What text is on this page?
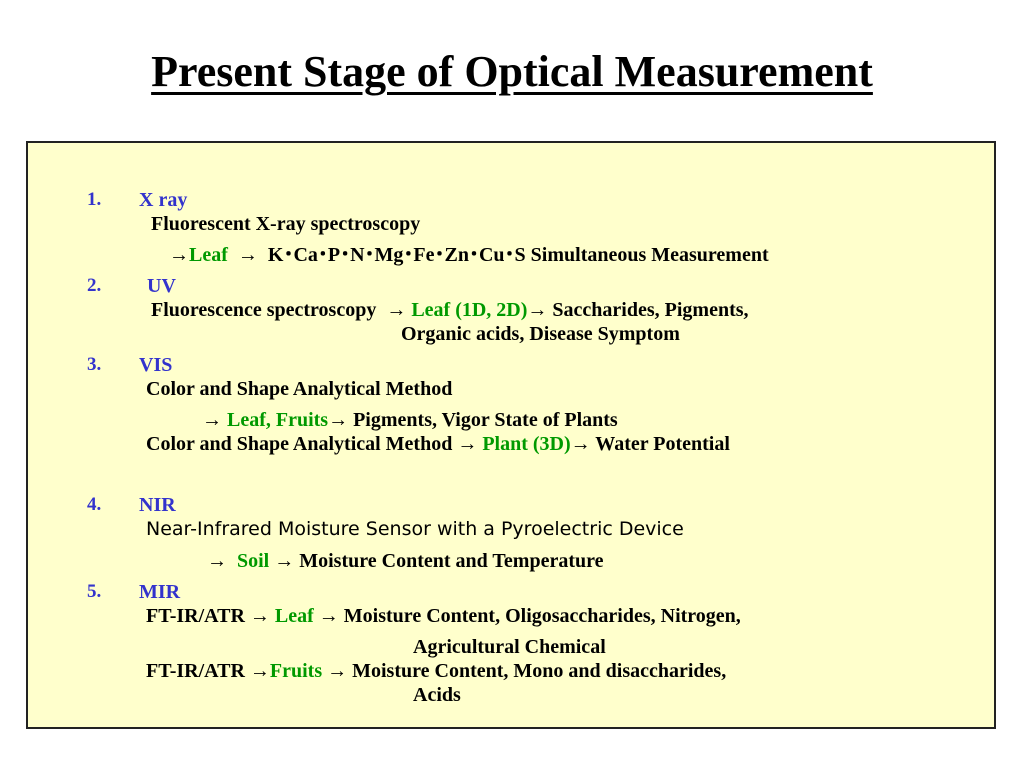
Present Stage of Optical Measurement
1. X ray
Fluorescent X-ray spectroscopy
→Leaf  →  K･Ca･P･N･Mg･Fe･Zn･Cu･S Simultaneous Measurement
2. UV
Fluorescence spectroscopy  → Leaf (1D, 2D)→ Saccharides, Pigments,
Organic acids, Disease Symptom
3. VIS
Color and Shape Analytical Method
→ Leaf, Fruits→ Pigments, Vigor State of Plants
Color and Shape Analytical Method → Plant (3D)→ Water Potential
4. NIR
Near-Infrared Moisture Sensor with a Pyroelectric Device
→  Soil → Moisture Content and Temperature
5. MIR
FT-IR/ATR → Leaf → Moisture Content, Oligosaccharides, Nitrogen,
Agricultural Chemical
FT-IR/ATR →Fruits → Moisture Content, Mono and disaccharides,
Acids
